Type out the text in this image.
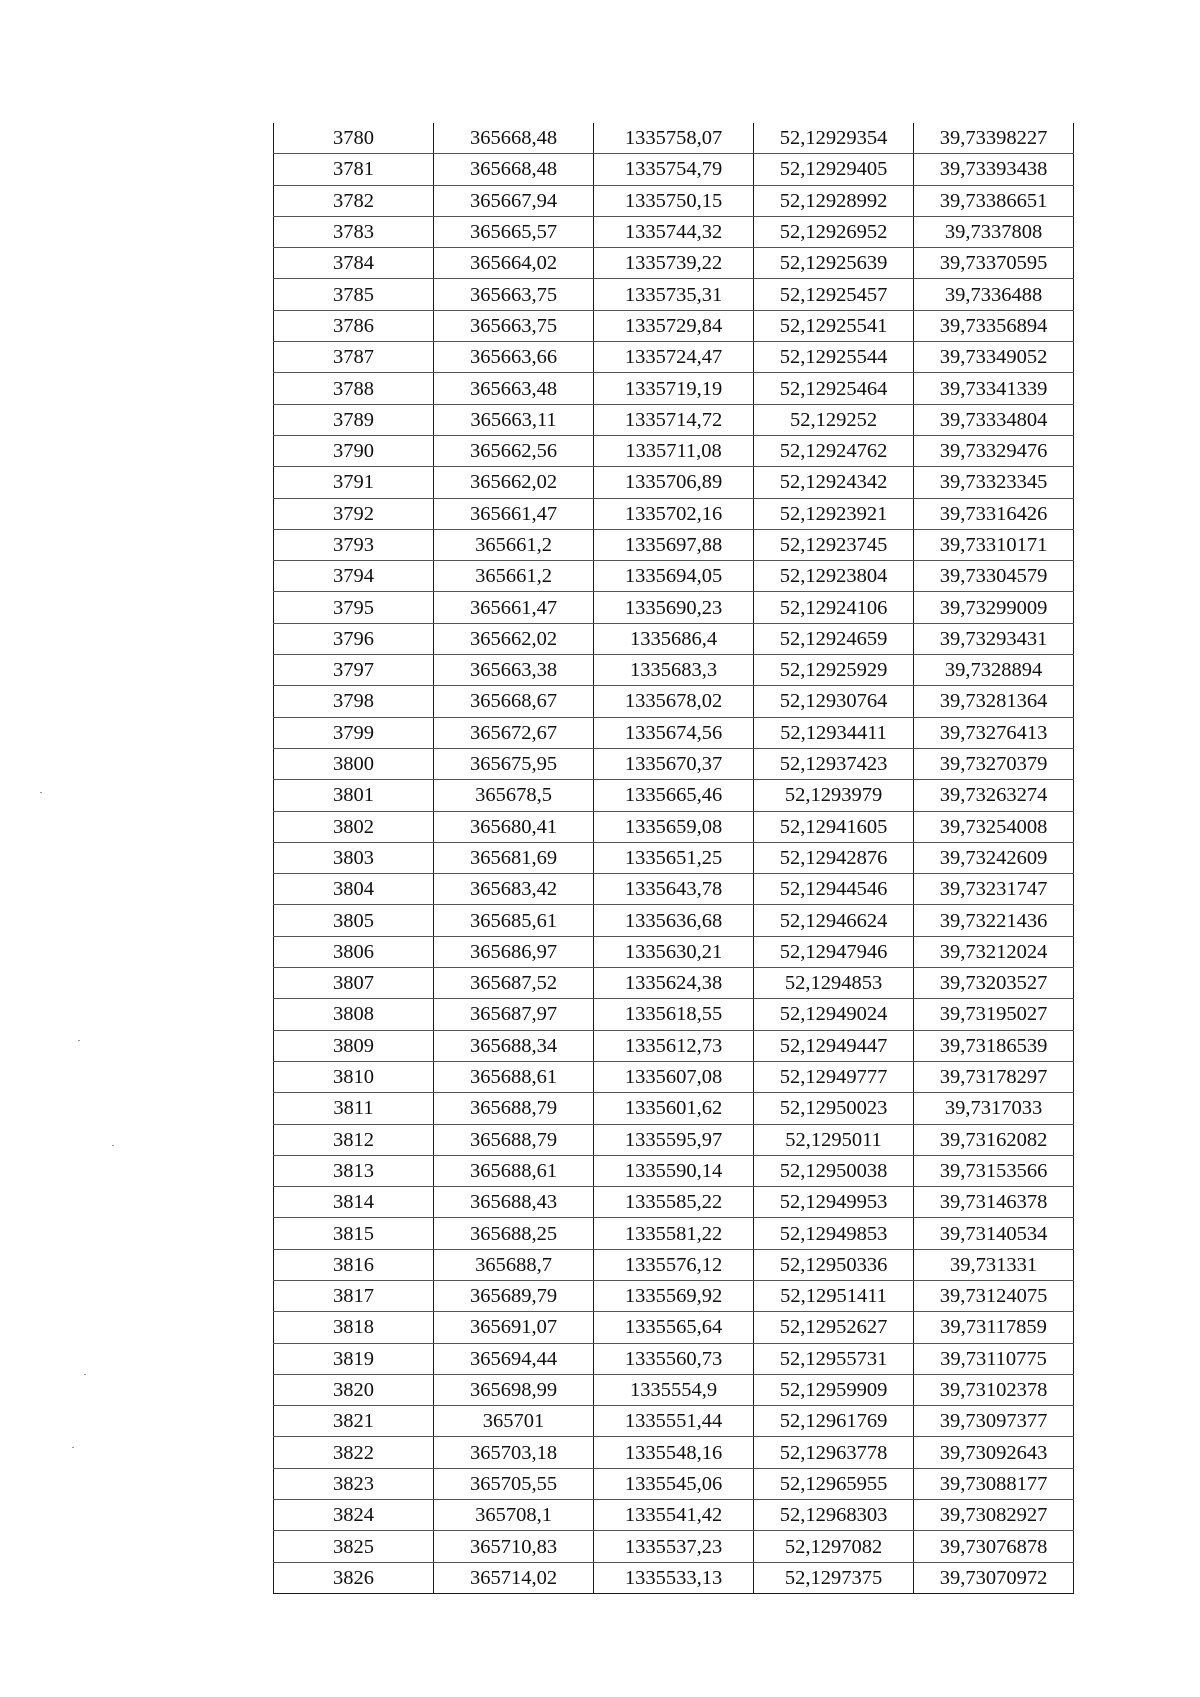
3780	365668,48	1335758,07	52,12929354	39,73398227
3781	365668,48	1335754,79	52,12929405	39,73393438
3782	365667,94	1335750,15	52,12928992	39,73386651
3783	365665,57	1335744,32	52,12926952	39,7337808
3784	365664,02	1335739,22	52,12925639	39,73370595
3785	365663,75	1335735,31	52,12925457	39,7336488
3786	365663,75	1335729,84	52,12925541	39,73356894
3787	365663,66	1335724,47	52,12925544	39,73349052
3788	365663,48	1335719,19	52,12925464	39,73341339
3789	365663,11	1335714,72	52,129252	39,73334804
3790	365662,56	1335711,08	52,12924762	39,73329476
3791	365662,02	1335706,89	52,12924342	39,73323345
3792	365661,47	1335702,16	52,12923921	39,73316426
3793	365661,2	1335697,88	52,12923745	39,73310171
3794	365661,2	1335694,05	52,12923804	39,73304579
3795	365661,47	1335690,23	52,12924106	39,73299009
3796	365662,02	1335686,4	52,12924659	39,73293431
3797	365663,38	1335683,3	52,12925929	39,7328894
3798	365668,67	1335678,02	52,12930764	39,73281364
3799	365672,67	1335674,56	52,12934411	39,73276413
3800	365675,95	1335670,37	52,12937423	39,73270379
3801	365678,5	1335665,46	52,1293979	39,73263274
3802	365680,41	1335659,08	52,12941605	39,73254008
3803	365681,69	1335651,25	52,12942876	39,73242609
3804	365683,42	1335643,78	52,12944546	39,73231747
3805	365685,61	1335636,68	52,12946624	39,73221436
3806	365686,97	1335630,21	52,12947946	39,73212024
3807	365687,52	1335624,38	52,1294853	39,73203527
3808	365687,97	1335618,55	52,12949024	39,73195027
3809	365688,34	1335612,73	52,12949447	39,73186539
3810	365688,61	1335607,08	52,12949777	39,73178297
3811	365688,79	1335601,62	52,12950023	39,7317033
3812	365688,79	1335595,97	52,1295011	39,73162082
3813	365688,61	1335590,14	52,12950038	39,73153566
3814	365688,43	1335585,22	52,12949953	39,73146378
3815	365688,25	1335581,22	52,12949853	39,73140534
3816	365688,7	1335576,12	52,12950336	39,731331
3817	365689,79	1335569,92	52,12951411	39,73124075
3818	365691,07	1335565,64	52,12952627	39,73117859
3819	365694,44	1335560,73	52,12955731	39,73110775
3820	365698,99	1335554,9	52,12959909	39,73102378
3821	365701	1335551,44	52,12961769	39,73097377
3822	365703,18	1335548,16	52,12963778	39,73092643
3823	365705,55	1335545,06	52,12965955	39,73088177
3824	365708,1	1335541,42	52,12968303	39,73082927
3825	365710,83	1335537,23	52,1297082	39,73076878
3826	365714,02	1335533,13	52,1297375	39,73070972
